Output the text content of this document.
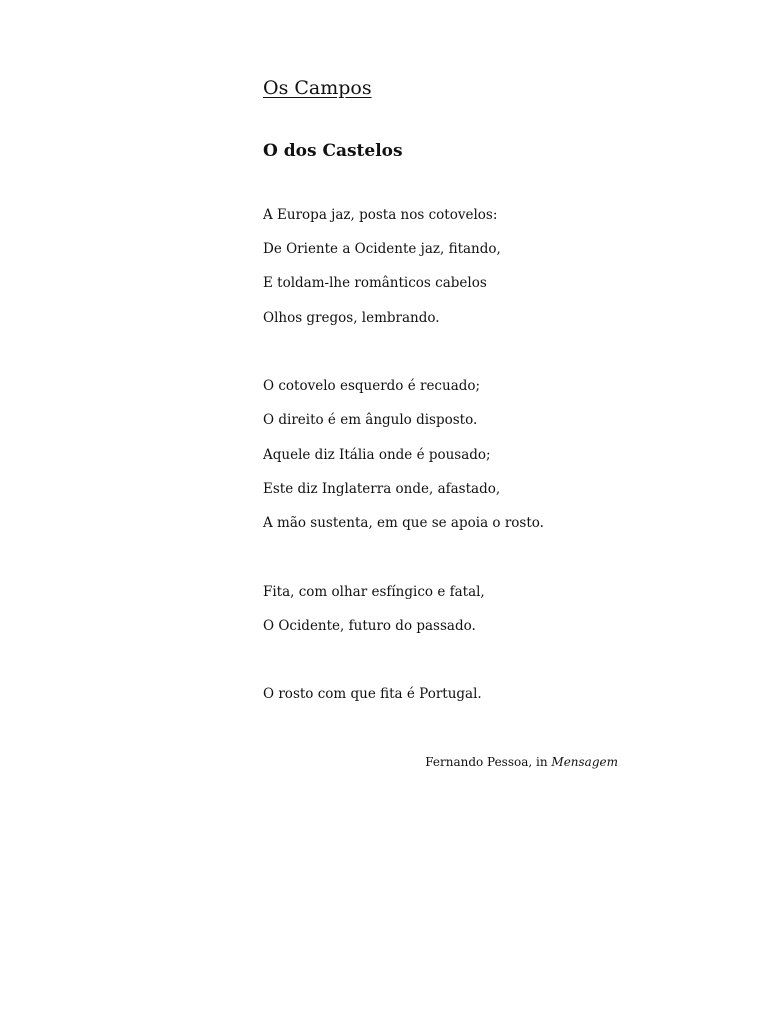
Os Campos
O dos Castelos

A Europa jaz, posta nos cotovelos:

De Oriente a Ocidente jaz, fitando,

E toldam-lhe românticos cabelos

Olhos gregos, lembrando.

O cotovelo esquerdo é recuado;

O direito é em ângulo disposto.

Aquele diz Itália onde é pousado;

Este diz Inglaterra onde, afastado,

A mão sustenta, em que se apoia o rosto.

Fita, com olhar esfíngico e fatal,

O Ocidente, futuro do passado.

O rosto com que fita é Portugal.

Fernando Pessoa, in Mensagem
